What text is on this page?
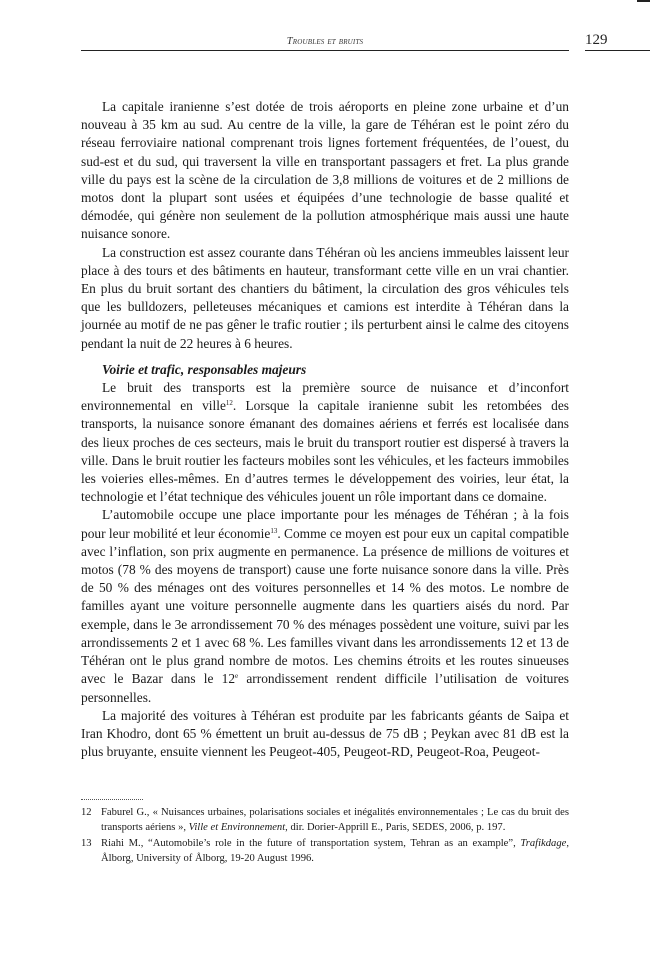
Troubles et bruits	129

La capitale iranienne s’est dotée de trois aéroports en pleine zone urbaine et d’un nouveau à 35 km au sud. Au centre de la ville, la gare de Téhéran est le point zéro du réseau ferroviaire national comprenant trois lignes fortement fréquentées, de l’ouest, du sud-est et du sud, qui traversent la ville en transportant passagers et fret. La plus grande ville du pays est la scène de la circulation de 3,8 millions de voitures et de 2 millions de motos dont la plupart sont usées et équipées d’une technologie de basse qualité et démodée, qui génère non seulement de la pollution atmosphérique mais aussi une haute nuisance sonore.

La construction est assez courante dans Téhéran où les anciens immeubles laissent leur place à des tours et des bâtiments en hauteur, transformant cette ville en un vrai chantier. En plus du bruit sortant des chantiers du bâtiment, la circulation des gros véhicules tels que les bulldozers, pelleteuses mécaniques et camions est interdite à Téhéran dans la journée au motif de ne pas gêner le trafic routier ; ils perturbent ainsi le calme des citoyens pendant la nuit de 22 heures à 6 heures.

Voirie et trafic, responsables majeurs

Le bruit des transports est la première source de nuisance et d’inconfort environnemental en ville$^{12}$. Lorsque la capitale iranienne subit les retombées des transports, la nuisance sonore émanant des domaines aériens et ferrés est localisée dans des lieux proches de ces secteurs, mais le bruit du transport routier est dispersé à travers la ville. Dans le bruit routier les facteurs mobiles sont les véhicules, et les facteurs immobiles les voieries elles-mêmes. En d’autres termes le développement des voiries, leur état, la technologie et l’état technique des véhicules jouent un rôle important dans ce domaine.

L’automobile occupe une place importante pour les ménages de Téhéran ; à la fois pour leur mobilité et leur économie$^{13}$. Comme ce moyen est pour eux un capital compatible avec l’inflation, son prix augmente en permanence. La présence de millions de voitures et motos (78 % des moyens de transport) cause une forte nuisance sonore dans la ville. Près de 50 % des ménages ont des voitures personnelles et 14 % des motos. Le nombre de familles ayant une voiture personnelle augmente dans les quartiers aisés du nord. Par exemple, dans le 3e arrondissement 70 % des ménages possèdent une voiture, suivi par les arrondissements 2 et 1 avec 68 %. Les familles vivant dans les arrondissements 12 et 13 de Téhéran ont le plus grand nombre de motos. Les chemins étroits et les routes sinueuses avec le Bazar dans le 12e arrondissement rendent difficile l’utilisation de voitures personnelles.

La majorité des voitures à Téhéran est produite par les fabricants géants de Saipa et Iran Khodro, dont 65 % émettent un bruit au-dessus de 75 dB ; Peykan avec 81 dB est la plus bruyante, ensuite viennent les Peugeot-405, Peugeot-RD, Peugeot-Roa, Peugeot-

12 Faburel G., « Nuisances urbaines, polarisations sociales et inégalités environnementales ; Le cas du bruit des transports aériens », Ville et Environnement, dir. Dorier-Apprill E., Paris, SEDES, 2006, p. 197.

13 Riahi M., “Automobile’s role in the future of transportation system, Tehran as an example”, Trafikdage, Ålborg, University of Ålborg, 19-20 August 1996.
